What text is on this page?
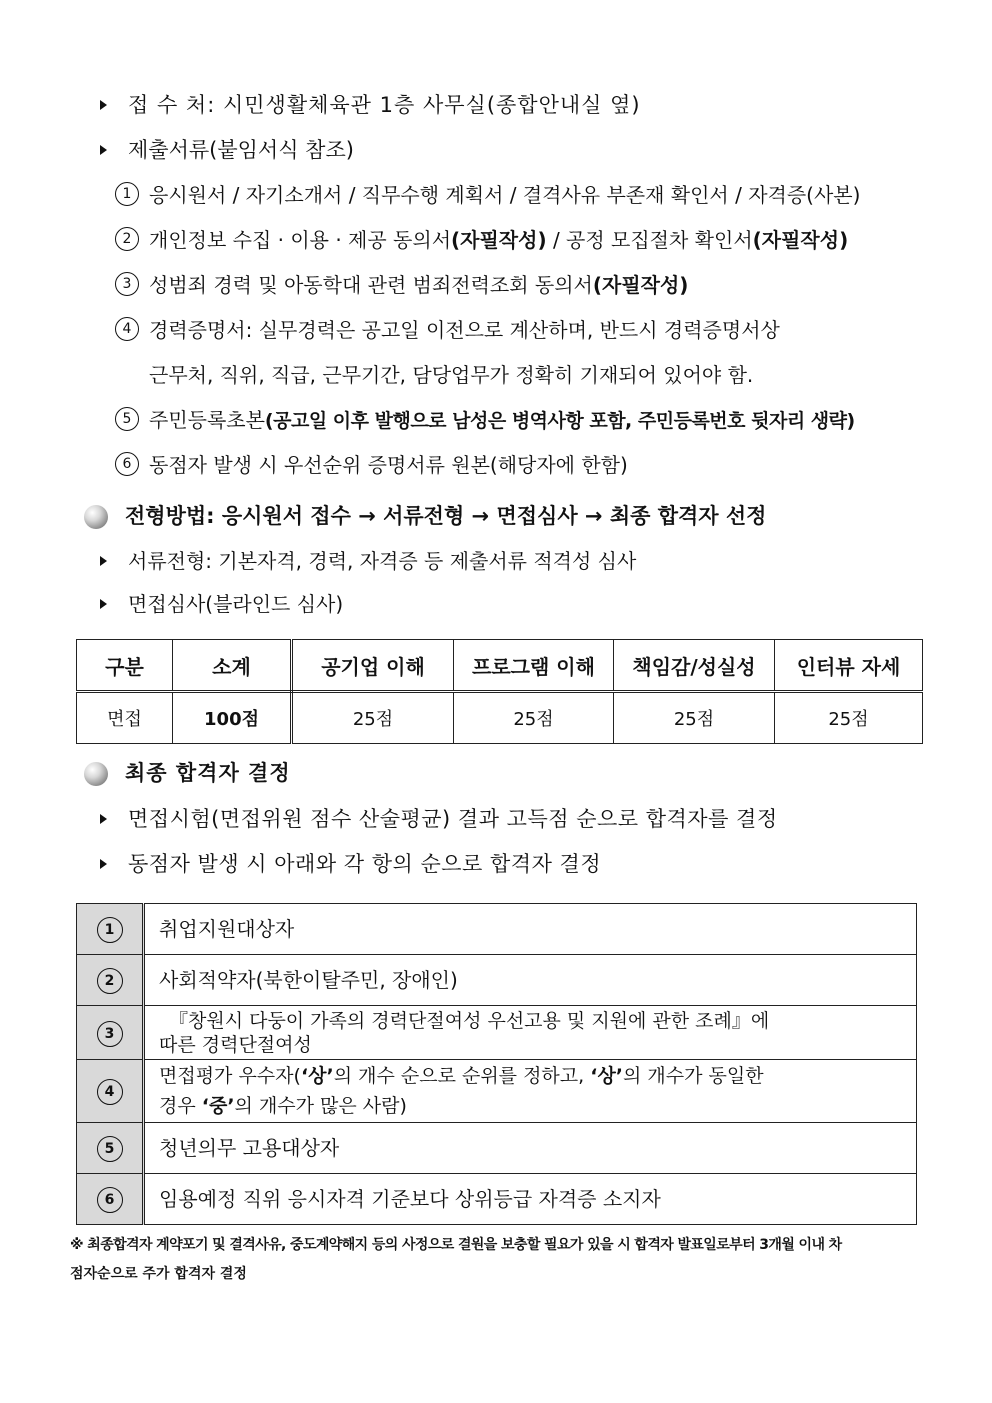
접 수 처: 시민생활체육관 1층 사무실(종합안내실 옆)
제출서류(붙임서식 참조)
1 응시원서 / 자기소개서 / 직무수행 계획서 / 결격사유 부존재 확인서 / 자격증(사본)
2 개인정보 수집 · 이용 · 제공 동의서(자필작성) / 공정 모집절차 확인서(자필작성)
3 성범죄 경력 및 아동학대 관련 범죄전력조회 동의서(자필작성)
4 경력증명서: 실무경력은 공고일 이전으로 계산하며, 반드시 경력증명서상
근무처, 직위, 직급, 근무기간, 담당업무가 정확히 기재되어 있어야 함.
5 주민등록초본(공고일 이후 발행으로 남성은 병역사항 포함, 주민등록번호 뒷자리 생략)
6 동점자 발생 시 우선순위 증명서류 원본(해당자에 한함)
전형방법: 응시원서 접수 → 서류전형 → 면접심사 → 최종 합격자 선정
서류전형: 기본자격, 경력, 자격증 등 제출서류 적격성 심사
면접심사(블라인드 심사)
구분	소계	공기업 이해	프로그램 이해	책임감/성실성	인터뷰 자세
면접	100점	25점	25점	25점	25점
최종 합격자 결정
면접시험(면접위원 점수 산술평균) 결과 고득점 순으로 합격자를 결정
동점자 발생 시 아래와 각 항의 순으로 합격자 결정
1	취업지원대상자
2	사회적약자(북한이탈주민, 장애인)
3	『창원시 다둥이 가족의 경력단절여성 우선고용 및 지원에 관한 조례』에
따른 경력단절여성

4	면접평가 우수자(‘상’의 개수 순으로 순위를 정하고, ‘상’의 개수가 동일한
경우 ‘중’의 개수가 많은 사람)

5	청년의무 고용대상자
6	임용예정 직위 응시자격 기준보다 상위등급 자격증 소지자
※ 최종합격자 계약포기 및 결격사유, 중도계약해지 등의 사정으로 결원을 보충할 필요가 있을 시 합격자 발표일로부터 3개월 이내 차
점자순으로 주가 합격자 결정
